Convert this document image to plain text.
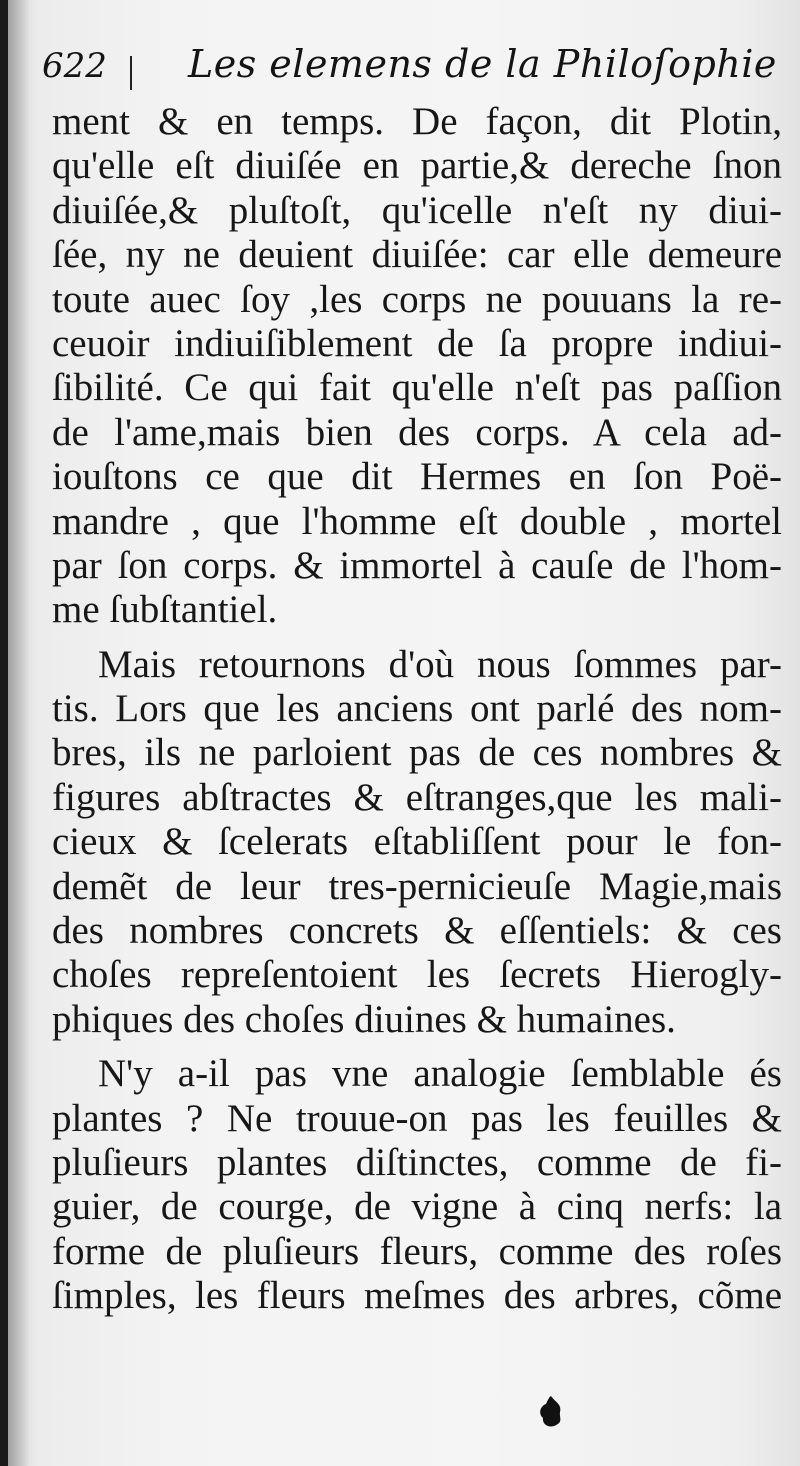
622 Les elemens de la Philoſophie
ment & en temps. De façon, dit Plotin,
qu'elle eſt diuiſée en partie,& dereche ſnon
diuiſée,& pluſtoſt, qu'icelle n'eſt ny diui-
ſée, ny ne deuient diuiſée: car elle demeure
toute auec ſoy ,les corps ne pouuans la re-
ceuoir indiuiſiblement de ſa propre indiui-
ſibilité. Ce qui fait qu'elle n'eſt pas paſſion
de l'ame,mais bien des corps. A cela ad-
iouſtons ce que dit Hermes en ſon Poë-
mandre , que l'homme eſt double , mortel
par ſon corps. & immortel à cauſe de l'hom-
me ſubſtantiel.
Mais retournons d'où nous ſommes par-
tis. Lors que les anciens ont parlé des nom-
bres, ils ne parloient pas de ces nombres &
figures abſtractes & eſtranges,que les mali-
cieux & ſcelerats eſtabliſſent pour le fon-
demẽt de leur tres-pernicieuſe Magie,mais
des nombres concrets & eſſentiels: & ces
choſes repreſentoient les ſecrets Hierogly-
phiques des choſes diuines & humaines.
N'y a-il pas vne analogie ſemblable és
plantes ? Ne trouue-on pas les feuilles &
pluſieurs plantes diſtinctes, comme de fi-
guier, de courge, de vigne à cinq nerfs: la
forme de pluſieurs fleurs, comme des roſes
ſimples, les fleurs meſmes des arbres, cõme
